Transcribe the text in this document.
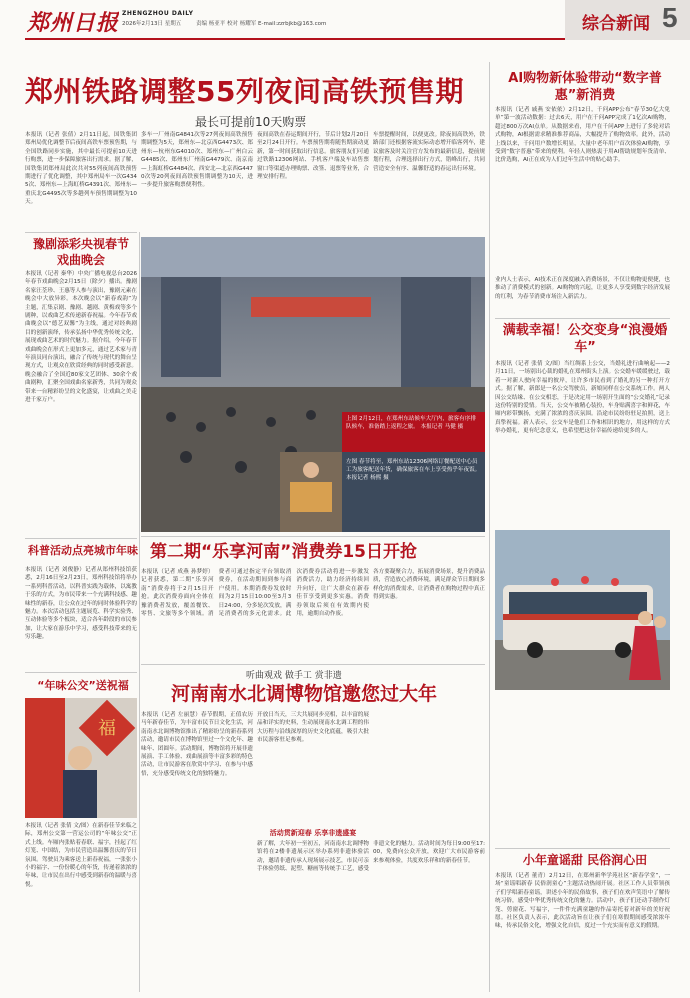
郑州日报 ZHENGZHOU DAILY
2026年2月13日 星期五	责编 杨亚平 校对 杨耀军 E-mail:zzrbjkb@163.com	综合新闻 5
郑州铁路调整55列夜间高铁预售期
最长可提前10天购票
本报讯（记者 张倩）2月11日起，国铁集团郑州局优化调整节后夜间高铁车票预售期，与全国铁路同步实施，其中最长可提前10天进行购票，进一步保障旅客出行需求。据了解，国铁集团郑州局此次共对55列夜间高铁预售期进行了优化调整，其中郑州局车一次G4345次、郑州东—上海虹桥G4391次、郑州东—重庆北G4495次等多趟列车预售期调整为10天。
多车一厂州南G4841次等27列夜间高铁预售期调整为5天，郑州东—北京西G4473次、郑州东—杭州东G4010次、郑州东—广州白云G4485次、郑州东厂州南G4479次、南京南—上海虹桥G4484次、西安北—北京西G4470次等20列夜间高铁预售期调整为10天，进一步提升旅客购票便利性。
夜间高铁在春运期间开行，节后计划2月20日至2月24日开行。车票预售期将随售期滚动更新，第一时间获取出行信息。旅客朋友们可通过铁路12306网站、手机客户端及车站售票窗口等渠道办理购票、改签、退票等业务，合理安排行程。
车票提醒时间，以便更改。除夜间高铁外，铁路部门还根据客流实际动态增开临客列车，建议旅客及时关注官方发布的最新信息，提前规划行程，合理选择出行方式，错峰出行，共同营造安全有序、温馨舒适的春运出行环境。
上图 2月12日，在郑州东站候车大厅内，旅客有序排队候车，准备踏上返程之旅。 本报记者 马健 摄
左图 春节将至，郑州东站12306网络订餐配送中心员工为旅客配送年货，确保旅客在车上享受热乎年夜饭。 本报记者 杨熙 摄
豫剧添彩央视春节戏曲晚会
本报讯（记者 秦华）中央广播电视总台2026年春节戏曲晚会2月15日（除夕）播出。豫剧名家汪荃珍、王惠等人参与演出，豫剧元素在晚会中大放异彩。本次晚会以“新春戏韵”为主题，汇集京剧、豫剧、越剧、黄梅戏等多个剧种，以戏曲艺术传递新春祝福。今年春节戏曲晚会以“德艺双馨”为主线，通过对经典剧目的创新演绎，传承弘扬中华优秀传统文化，展现戏曲艺术的时代魅力。据介绍，今年春节戏曲晚会在形式上更加多元，通过艺术家与青年演员同台演出，融合了传统与现代的舞台呈现方式，让观众在欣赏经典的同时感受新意。晚会融合了全国近80家文艺团体、30余个戏曲剧种，汇聚全国戏曲名家新秀，共同为观众带来一台精彩纷呈的文化盛宴，让戏曲之美走进千家万户。
科普活动点亮城市年味
本报讯（记者 刘俊静）记者从郑州科技馆获悉，2月16日至2月23日，郑州科技馆将举办一系列科普活动，以科普实践为载体，以寓教于乐的方式，为市民带来一个充满科技感、趣味性的新春，让公众在过年的同时体验科学的魅力。本次活动包括主题展览、科学实验秀、互动体验等多个板块，适合各年龄段的市民参加，让大家在游乐中学习，感受科技带来的无穷乐趣。
“年味公交”送祝福
福
本报讯（记者 张倩 文/图）在新春佳节来临之际，郑州公交第一营运公司的“年味公交”正式上线。车厢内张贴着春联、福字，挂起了红灯笼、中国结，为市民营造出温馨喜庆的节日氛围。驾驶员为乘客送上新春祝福，一张张小小的福字、一份份暖心的年货，传递着浓浓的年味，让市民在出行中感受到新春的温暖与喜悦。
第二期“乐享河南”消费券15日开抢
本报讯（记者 成燕 孙梦婷）记者获悉，第二期“乐享河南”消费券将于2月15日开抢。此次消费券面向全体在豫消费者发放，覆盖餐饮、零售、文旅等多个领域。消费者可通过指定平台领取消费券，在活动期间到参与商户使用。本期消费券发放时间为2月15日10:00至3月3日24:00，分多轮次发放，满足消费者的多元化需求。此次消费券活动将进一步激发消费活力，助力经济持续回升向好，让广大群众在新春佳节享受到更多实惠。消费券领取后须在有效期内使用，逾期自动作废。
各方要凝聚合力，拓展消费场景，提升消费品质，营造放心消费环境，满足群众节日期间多样化的消费需求，让消费者在购物过程中真正得到实惠。
听曲观戏 做手工 赏非遗
河南南水北调博物馆邀您过大年
本报讯（记者 左丽慧）春节假期，正值农历马年新春佳节，为丰富市民节日文化生活，河南南水北调博物馆推出了精彩纷呈的新春系列活动，邀请市民在博物馆里过一个文化年、趣味年、团圆年。活动期间，博物馆将开展非遗展演、手工体验、戏曲展演等丰富多彩的特色活动，让市民游客在欣赏中学习、在参与中感悟，充分感受传统文化的独特魅力。
开放日当天，三大共展同步亮相，以丰富的展品和详实的史料，生动展现南水北调工程的伟大历程与沿线深厚的历史文化底蕴，吸引大批市民游客驻足参观。
活动贯新迎春 乐享非遗盛宴
新了解，大年初一至初五，河南南水北调博物馆将在2楼非遗展示区举办系列非遗体验活动，邀请非遗传承人现场展示技艺，市民可亲手体验剪纸、泥塑、糖画等传统手工艺，感受非遗文化的魅力。活动时间为每日9:00至17:00，免费向公众开放，欢迎广大市民游客前来参观体验，共度欢乐祥和的新春佳节。
AI购物新体验带动“数字普惠”新消费
本报讯（记者 戚燕 安依依）2月12日，千问APP公布“春节30亿大免单”第一波活动数据：过去6天，用户在千问APP完成了1亿次AI购物，超过800万次AI点单。从数据来看，用户在千问APP上进行了多轮对话式购物，AI根据需求精准推荐商品，大幅提升了购物效率。此外，活动上线以来，千问用户数增长明显，大量中老年用户首次体验AI购物，享受到“数字普惠”带来的便利。年轻人则热衷于用AI帮助规划年货清单、比价选购，AI正在成为人们过年生活中的贴心助手。
业内人士表示，AI技术正在深度融入消费场景，不仅让购物更便捷，也推动了消费模式的创新。AI购物的兴起，让更多人享受到数字经济发展的红利，为春节消费市场注入新活力。
满载幸福！公交变身“浪漫婚车”
本报讯（记者 张倩 文/图）当红绸系上公交，当婚礼进行曲响起——2月11日，一场别出心裁的婚礼在郑州街头上演。公交婚车缓缓驶过，载着一对新人驶向幸福的彼岸，让许多市民看到了婚礼的另一种打开方式。据了解，新郎是一名公交驾驶员，新娘同样在公交系统工作。两人因公交结缘、在公交相恋，于是决定用一场别开生面的“公交婚礼”记录这份特别的爱情。当天，公交车被精心装扮，车身贴满喜字和鲜花，车厢内彩带飘扬，充满了浓浓的喜庆氛围。沿途市民纷纷驻足拍照，送上真挚祝福。新人表示，公交车是他们工作和相识的地方，用这样的方式举办婚礼，更有纪念意义，也希望把这份幸福传递给更多的人。
小年童谣甜 民俗润心田
本报讯（记者 董青）2月12日，在郑州新华学苑社区“新春学堂”，一场“童谣唱新春 民俗润童心”主题活动热闹开展。社区工作人员带领孩子们学唱新春童谣，讲述小年的民俗故事，孩子们在欢声笑语中了解传统习俗，感受中华优秀传统文化的魅力。活动中，孩子们还动手制作灯笼、剪窗花、写福字，一件件充满童趣的作品寄托着对新年的美好祝愿。社区负责人表示，此次活动旨在让孩子们在寒假期间感受浓浓年味，传承民俗文化，增强文化自信，度过一个充实而有意义的假期。
